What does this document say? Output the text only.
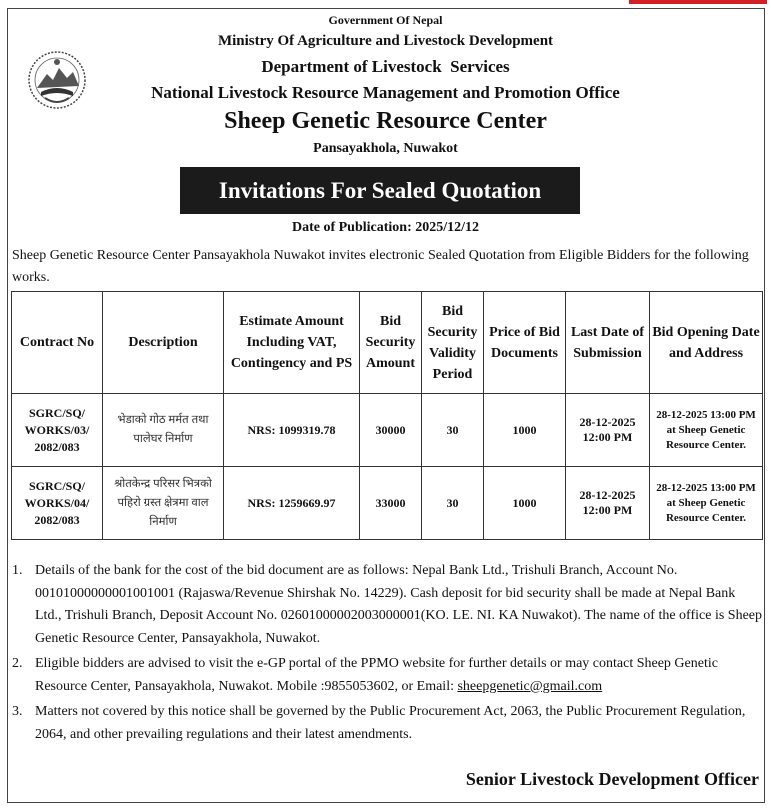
Government Of Nepal
Ministry Of Agriculture and Livestock Development
Department of Livestock  Services
National Livestock Resource Management and Promotion Office
Sheep Genetic Resource Center
Pansayakhola, Nuwakot
Invitations For Sealed Quotation
Date of Publication: 2025/12/12
Sheep Genetic Resource Center Pansayakhola Nuwakot invites electronic Sealed Quotation from Eligible Bidders for the following works.
Contract No	Description	Estimate Amount Including VAT, Contingency and PS	Bid Security Amount	Bid Security Validity Period	Price of Bid Documents	Last Date of Submission	Bid Opening Date and Address
SGRC/SQ/ WORKS/03/ 2082/083	भेडाको गोठ मर्मत तथा पालेघर निर्माण	NRS: 1099319.78	30000	30	1000	28-12-2025 12:00 PM	28-12-2025 13:00 PM at Sheep Genetic Resource Center.
SGRC/SQ/ WORKS/04/ 2082/083	श्रोतकेन्द्र परिसर भित्रको पहिरो ग्रस्त क्षेत्रमा वाल निर्माण	NRS: 1259669.97	33000	30	1000	28-12-2025 12:00 PM	28-12-2025 13:00 PM at Sheep Genetic Resource Center.
1. Details of the bank for the cost of the bid document are as follows: Nepal Bank Ltd., Trishuli Branch, Account No. 00101000000001001001 (Rajaswa/Revenue Shirshak No. 14229). Cash deposit for bid security shall be made at Nepal Bank Ltd., Trishuli Branch, Deposit Account No. 02601000002003000001(KO. LE. NI. KA Nuwakot). The name of the office is Sheep Genetic Resource Center, Pansayakhola, Nuwakot.
2. Eligible bidders are advised to visit the e-GP portal of the PPMO website for further details or may contact Sheep Genetic Resource Center, Pansayakhola, Nuwakot. Mobile :9855053602, or Email: sheepgenetic@gmail.com
3. Matters not covered by this notice shall be governed by the Public Procurement Act, 2063, the Public Procurement Regulation, 2064, and other prevailing regulations and their latest amendments.
Senior Livestock Development Officer
